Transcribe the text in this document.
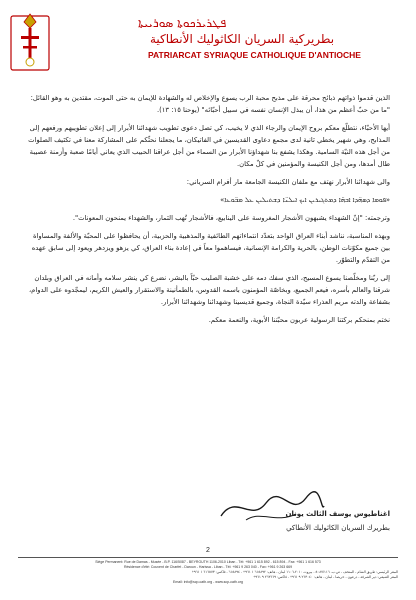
ܦܛܪܝܪܟܘܬܐ ܣܘܪܝܝܬܐ
بطريركية السريان الكاثوليك الأنطاكية
PATRIARCAT SYRIAQUE CATHOLIQUE D'ANTIOCHE

الذين قدموا ذواتهم ذبائح محرقة على مذبح محبة الرب يسوع والإخلاص له والشهادة للإيمان به حتى الموت، مقتدين به وهو القائل: "ما من حبّ أعظم من هذا، أن يبذل الإنسان نفسه في سبيل أحبّائه" (يوحنا ١٥: ١٣).

أيها الأحبّاء، نتطلّع معكم بروح الإيمان والرجاء الذي لا يخيب، كي تصل دعوى تطويب شهدائنا الأبرار إلى إعلان تطويبهم ورفعهم إلى المذابح، وهي شهير يخطي ثانية لدى مجمع دعاوى القديسين في الفاتيكان، ما يجعلنا نحثّكم على المشاركة معنا في تكثيف الصلوات من أجل هذه النيّة السامية. وهكذا يشفع بنا شهداؤنا الأبرار من السماء من أجل عراقنا الحبيب الذي يعاني أيامًا صعبة وأزمنة عصيبة طال أمدها، ومن أجل الكنيسة والمؤمنين في كلّ مكان.

والى شهدائنا الأبرار نهتف مع ملفان الكنيسة الجامعة مار أفرام السرياني:

«ܦܘܡܐ ܕܣܗ̈ܕܐ ܐܒܗ̈ܐ ܕܡܬܓܝܪܝܢ ܐܝܟ ܐܝܠܢ̈ܐ ܕܫܬܝܠܝܢ ܥܠ ܡܒ̈ܘܥܐ»

وترجمته: "إنّ الشهداء يشبهون الأشجار المغروسة على الينابيع، فالأشجار تُهب الثمار، والشهداء يمنحون المعونات".

وبهذه المناسبة، نناشد أبناء العراق الواحد بتعدّد انتماءاتهم الطائفية والمذهبية والحزبية، أن يحافظوا على المحبّة والألفة والمساواة بين جميع مكوّنات الوطن، بالحرية والكرامة الإنسانية، فيساهموا معاً في إعادة بناء العراق، كي يزهو ويزدهر ويعود إلى سابق عهده من التقدّم والتطوّر.

إلى ربّنا ومخلّصنا يسوع المسيح، الذي سفك دمه على خشبة الصليب حبّاً بالبشر، نضرع كي ينشر سلامه وأمانه في العراق وبلدان شرقنا والعالم بأسره، فيعم الجميع، وبخاصّة المؤمنون باسمه القدوس، بالطمأنينة والاستقرار والعيش الكريم، ليمجّدوه على الدوام، بشفاعة والدته مريم العذراء سيّدة النجاة، وجميع قديسينا وشهدائنا وشهدائنا الأبرار.

نختم بمنحكم بركتنا الرسولية عربون محبّتنا الأبوية، والنعمة معكم.

اغناطيوس يوسف الثالث يونان
بطريرك السريان الكاثوليك الأنطاكي
2
Siège Permanent: Rue de Damas - Musée - B.P. 116/5087 - BEYROUTH 1106-2010 Liban - Tél: +961 1 615 892 - 615 894 - Fax: +961 1 616 573
Résidence d'été: Couvent de Charfet - Daroun - Harissa - Liban - Tél: +961 9 263 040 - Fax: +961 9 263 669
المقر الرئيسي: طريق الشام - المتحف - ص.ب. ٥٠٨٧/١١٦ - بيروت ٢٠١٠-١١٠٦ لبنان - هاتف: ٦١٥٨٩٢ ١ ٩٦١+ - ٦١٥٨٩٤ - فاكس: ٦١٦٥٧٣ ١ ٩٦١+
المقر الصيفي: دير الشرفة - درعون - حريصا - لبنان - هاتف: ٢٦٣٠٤٠ ٩ ٩٦١+ - فاكس: ٢٦٣٦٦٩ ٩ ٩٦١+
Email: info@scp-cath.org - www.scp-cath.org
